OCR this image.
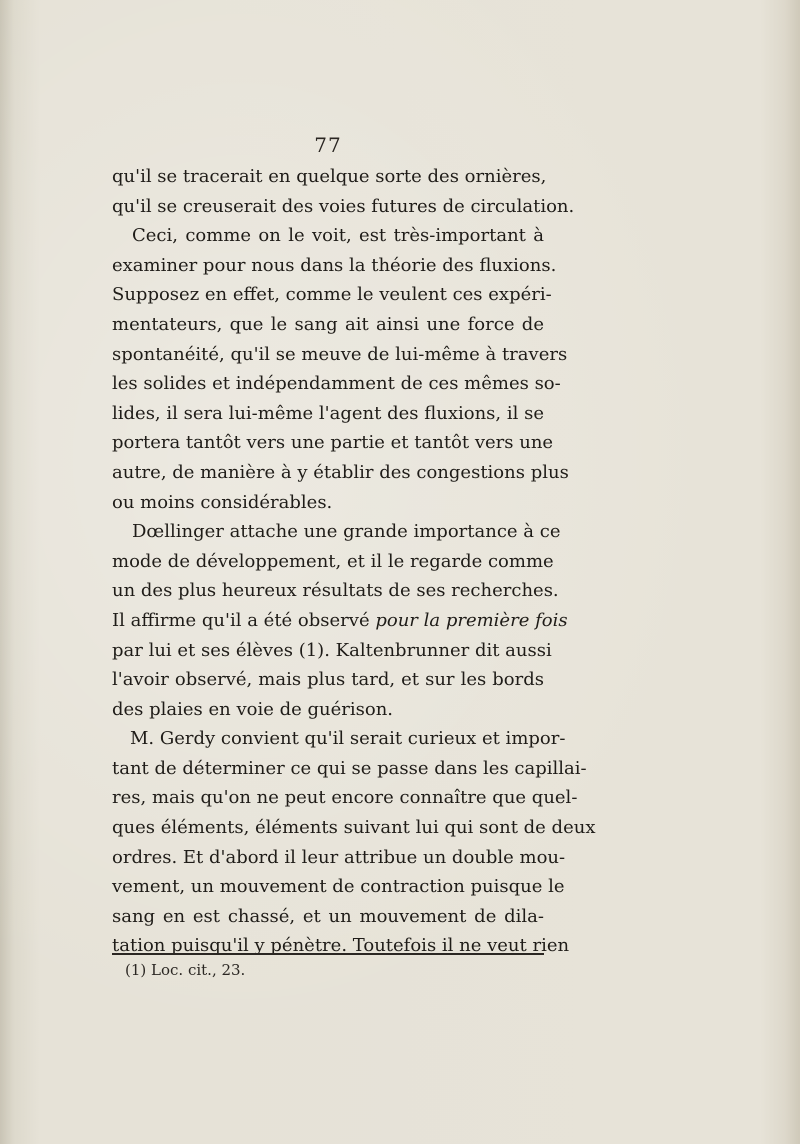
77
qu'il se tracerait en quelque sorte des ornières,
qu'il se creuserait des voies futures de circulation.
Ceci, comme on le voit, est très-important à
examiner pour nous dans la théorie des fluxions.
Supposez en effet, comme le veulent ces expéri-
mentateurs, que le sang ait ainsi une force de
spontanéité, qu'il se meuve de lui-même à travers
les solides et indépendamment de ces mêmes so-
lides, il sera lui-même l'agent des fluxions, il se
portera tantôt vers une partie et tantôt vers une
autre, de manière à y établir des congestions plus
ou moins considérables.
Dœllinger attache une grande importance à ce
mode de développement, et il le regarde comme
un des plus heureux résultats de ses recherches.
Il affirme qu'il a été observé pour la première fois
par lui et ses élèves (1). Kaltenbrunner dit aussi
l'avoir observé, mais plus tard, et sur les bords
des plaies en voie de guérison.
M. Gerdy convient qu'il serait curieux et impor-
tant de déterminer ce qui se passe dans les capillai-
res, mais qu'on ne peut encore connaître que quel-
ques éléments, éléments suivant lui qui sont de deux
ordres. Et d'abord il leur attribue un double mou-
vement, un mouvement de contraction puisque le
sang en est chassé, et un mouvement de dila-
tation puisqu'il y pénètre. Toutefois il ne veut rien
(1) Loc. cit., 23.
